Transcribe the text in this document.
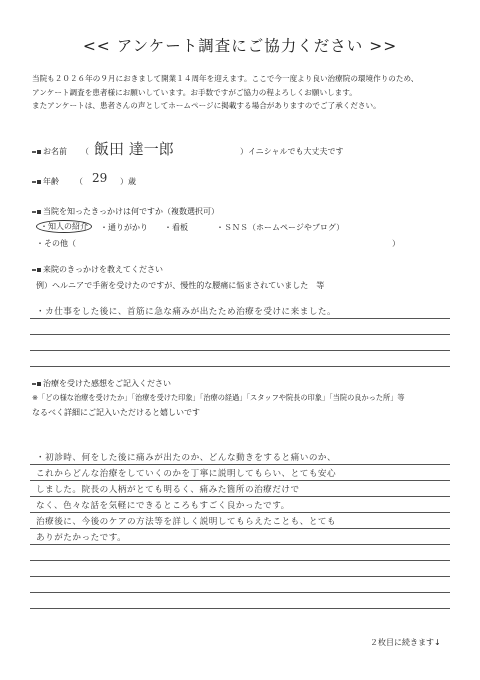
<< アンケート調査にご協力ください >>
当院も２０２６年の９月におきまして開業１４周年を迎えます。ここで今一度より良い治療院の環境作りのため、
アンケート調査を患者様にお願いしています。お手数ですがご協力の程よろしくお願いします。
またアンケートは、患者さんの声としてホームページに掲載する場合がありますのでご了承ください。
お名前 （ 飯田 達一郎	）イニシャルでも大丈夫です
年齢 （ 29 ）歳
当院を知ったきっかけは何ですか（複数選択可）
・知人の紹介	・通りがかり ・看板	・ＳＮＳ（ホームページやブログ）
・その他（	）
来院のきっかけを教えてください
例）ヘルニアで手術を受けたのですが、慢性的な腰痛に悩まされていました　等
・カ仕事をした後に、首筋に急な痛みが出たため治療を受けに来ました。
治療を受けた感想をご記入ください
※「どの様な治療を受けたか」「治療を受けた印象」「治療の経過」「スタッフや院長の印象」「当院の良かった所」等
なるべく詳細にご記入いただけると嬉しいです
・初診時、何をした後に痛みが出たのか、どんな動きをすると痛いのか、
これからどんな治療をしていくのかを丁寧に説明してもらい、とても安心
しました。院長の人柄がとても明るく、痛みた箇所の治療だけで
なく、色々な話を気軽にできるところもすごく良かったです。
治療後に、今後のケアの方法等を詳しく説明してもらえたことも、とても
ありがたかったです。
２枚目に続きます↓
